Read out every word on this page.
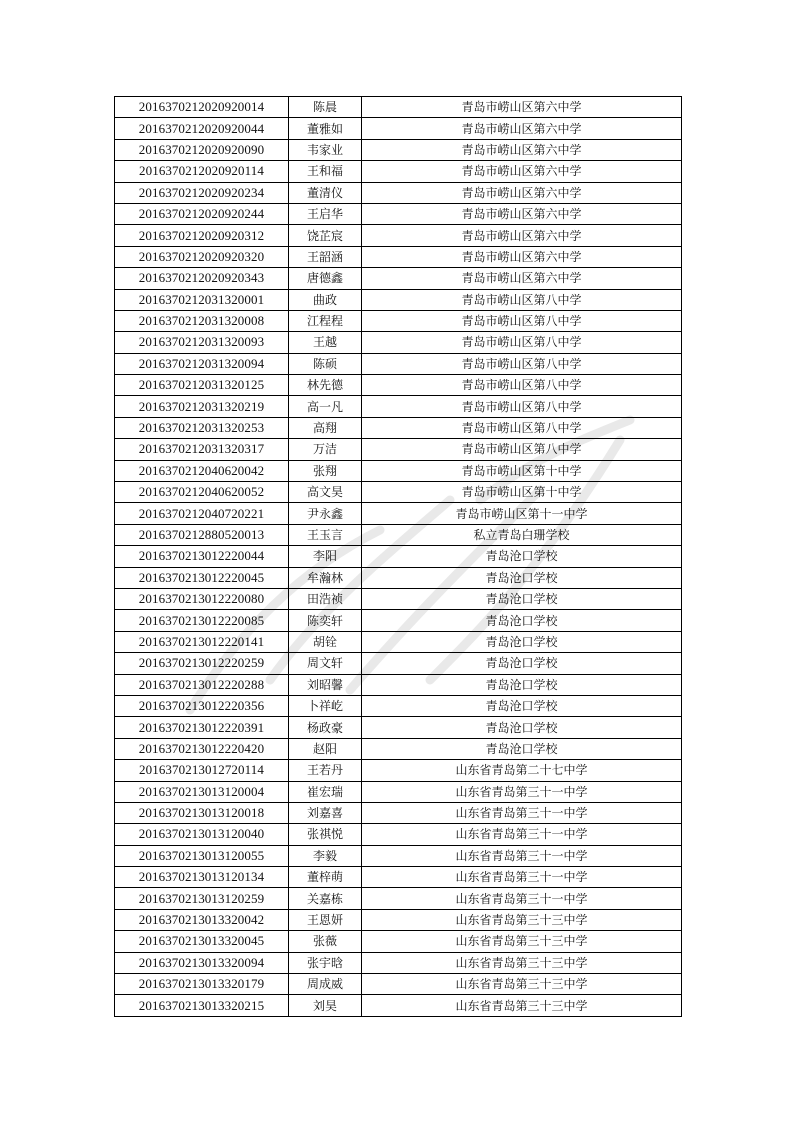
2016370212020920014	陈晨	青岛市崂山区第六中学
2016370212020920044	董雅如	青岛市崂山区第六中学
2016370212020920090	韦家业	青岛市崂山区第六中学
2016370212020920114	王和福	青岛市崂山区第六中学
2016370212020920234	董清仪	青岛市崂山区第六中学
2016370212020920244	王启华	青岛市崂山区第六中学
2016370212020920312	饶芷宸	青岛市崂山区第六中学
2016370212020920320	王韶涵	青岛市崂山区第六中学
2016370212020920343	唐德鑫	青岛市崂山区第六中学
2016370212031320001	曲政	青岛市崂山区第八中学
2016370212031320008	江程程	青岛市崂山区第八中学
2016370212031320093	王越	青岛市崂山区第八中学
2016370212031320094	陈硕	青岛市崂山区第八中学
2016370212031320125	林先德	青岛市崂山区第八中学
2016370212031320219	高一凡	青岛市崂山区第八中学
2016370212031320253	高翔	青岛市崂山区第八中学
2016370212031320317	万洁	青岛市崂山区第八中学
2016370212040620042	张翔	青岛市崂山区第十中学
2016370212040620052	高文昊	青岛市崂山区第十中学
2016370212040720221	尹永鑫	青岛市崂山区第十一中学
2016370212880520013	王玉言	私立青岛白珊学校
2016370213012220044	李阳	青岛沧口学校
2016370213012220045	牟瀚林	青岛沧口学校
2016370213012220080	田浩祯	青岛沧口学校
2016370213012220085	陈奕轩	青岛沧口学校
2016370213012220141	胡铨	青岛沧口学校
2016370213012220259	周文轩	青岛沧口学校
2016370213012220288	刘昭馨	青岛沧口学校
2016370213012220356	卜祥屹	青岛沧口学校
2016370213012220391	杨政豪	青岛沧口学校
2016370213012220420	赵阳	青岛沧口学校
2016370213012720114	王若丹	山东省青岛第二十七中学
2016370213013120004	崔宏瑞	山东省青岛第三十一中学
2016370213013120018	刘嘉喜	山东省青岛第三十一中学
2016370213013120040	张祺悦	山东省青岛第三十一中学
2016370213013120055	李毅	山东省青岛第三十一中学
2016370213013120134	董梓萌	山东省青岛第三十一中学
2016370213013120259	关嘉栋	山东省青岛第三十一中学
2016370213013320042	王恩妍	山东省青岛第三十三中学
2016370213013320045	张薇	山东省青岛第三十三中学
2016370213013320094	张宇晗	山东省青岛第三十三中学
2016370213013320179	周成威	山东省青岛第三十三中学
2016370213013320215	刘昊	山东省青岛第三十三中学
